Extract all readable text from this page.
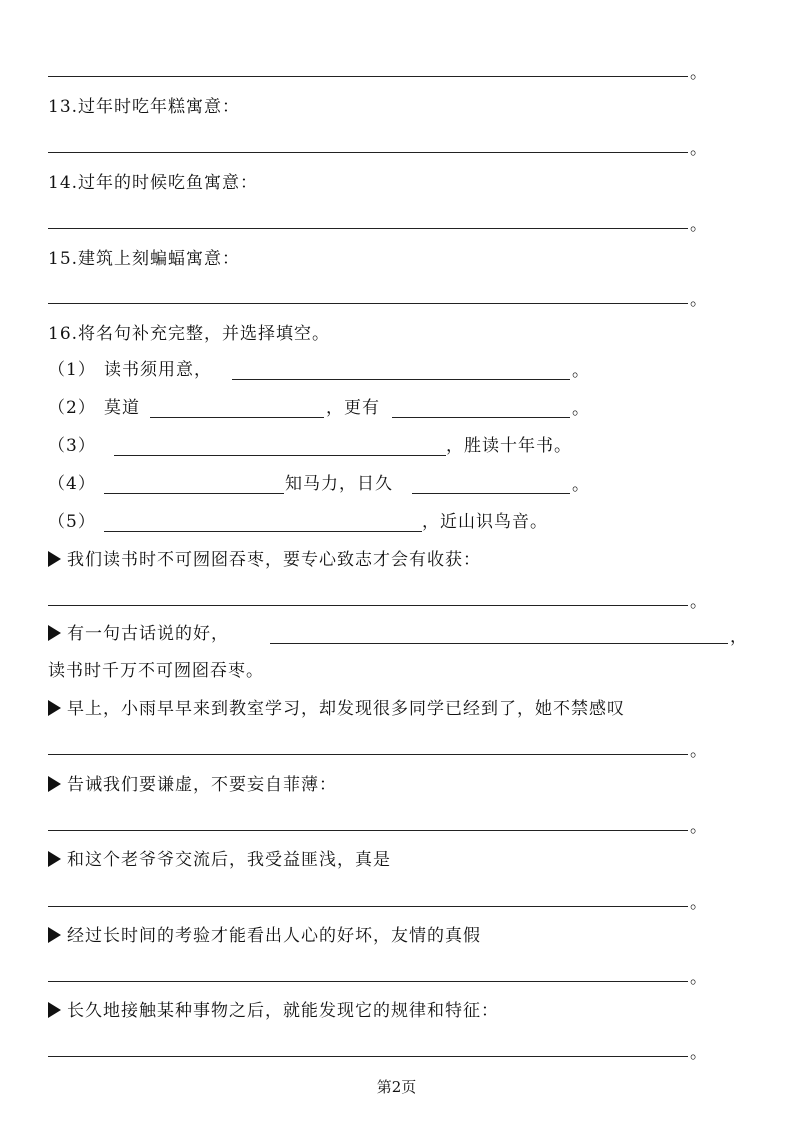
。
13.过年时吃年糕寓意：
。
14.过年的时候吃鱼寓意：
。
15.建筑上刻蝙蝠寓意：
。
16.将名句补充完整，并选择填空。
（1） 读书须用意，	。
（2） 莫道	，更有	。
（3）	，胜读十年书。
（4）	知马力，日久	。
（5）	，近山识鸟音。
我们读书时不可囫囵吞枣，要专心致志才会有收获：
。
有一句古话说的好，	，
读书时千万不可囫囵吞枣。
早上，小雨早早来到教室学习，却发现很多同学已经到了，她不禁感叹
。
告诫我们要谦虚，不要妄自菲薄：
。
和这个老爷爷交流后，我受益匪浅，真是
。
经过长时间的考验才能看出人心的好坏，友情的真假
。
长久地接触某种事物之后，就能发现它的规律和特征：
。
第2页
